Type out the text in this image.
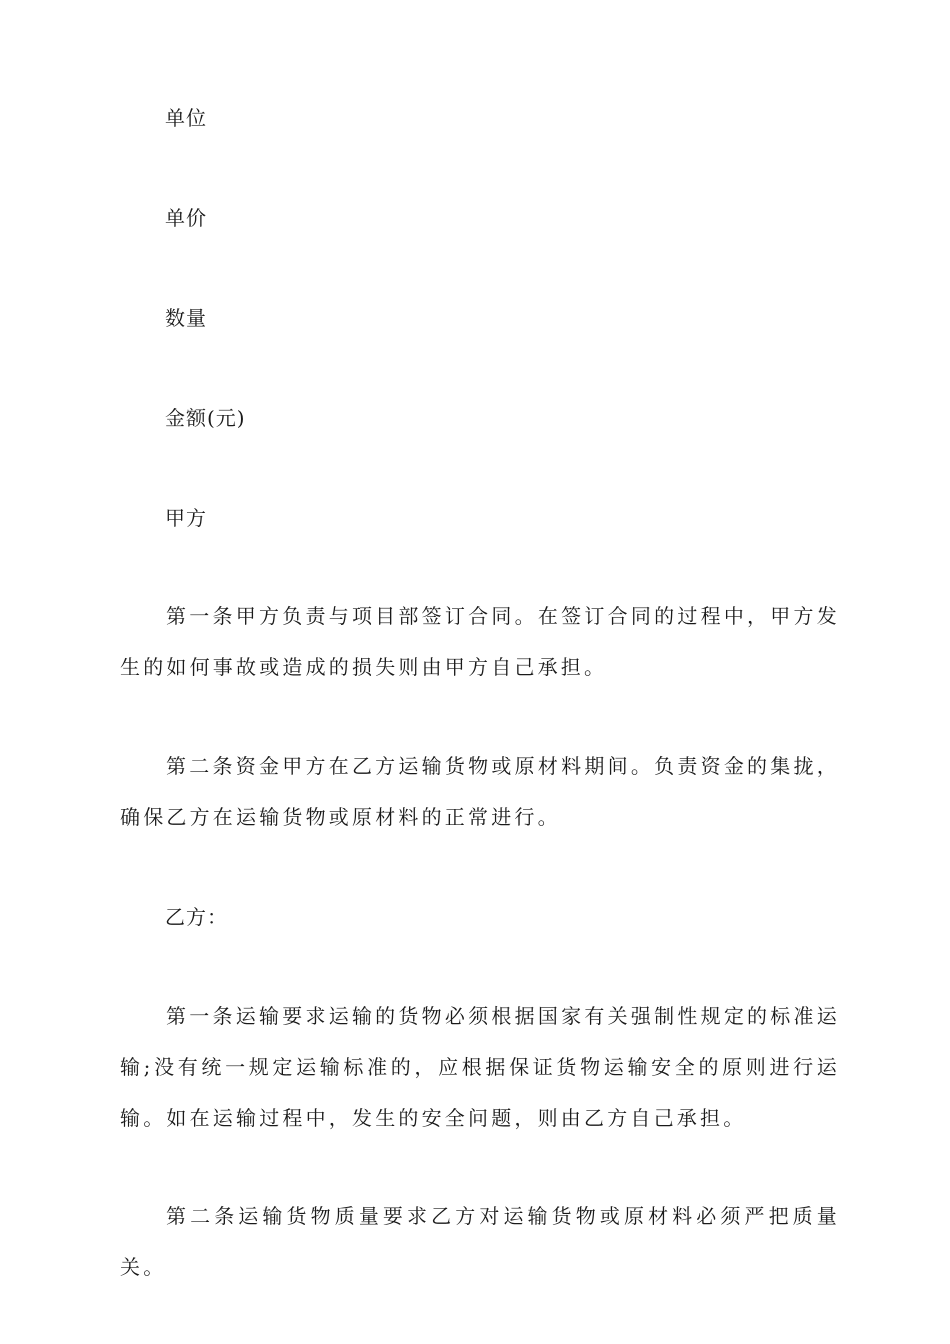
单位
单价
数量
金额(元)
甲方
第一条甲方负责与项目部签订合同。在签订合同的过程中，甲方发生的如何事故或造成的损失则由甲方自己承担。
第二条资金甲方在乙方运输货物或原材料期间。负责资金的集拢，确保乙方在运输货物或原材料的正常进行。
乙方：
第一条运输要求运输的货物必须根据国家有关强制性规定的标准运输;没有统一规定运输标准的，应根据保证货物运输安全的原则进行运输。如在运输过程中，发生的安全问题，则由乙方自己承担。
第二条运输货物质量要求乙方对运输货物或原材料必须严把质量关。
